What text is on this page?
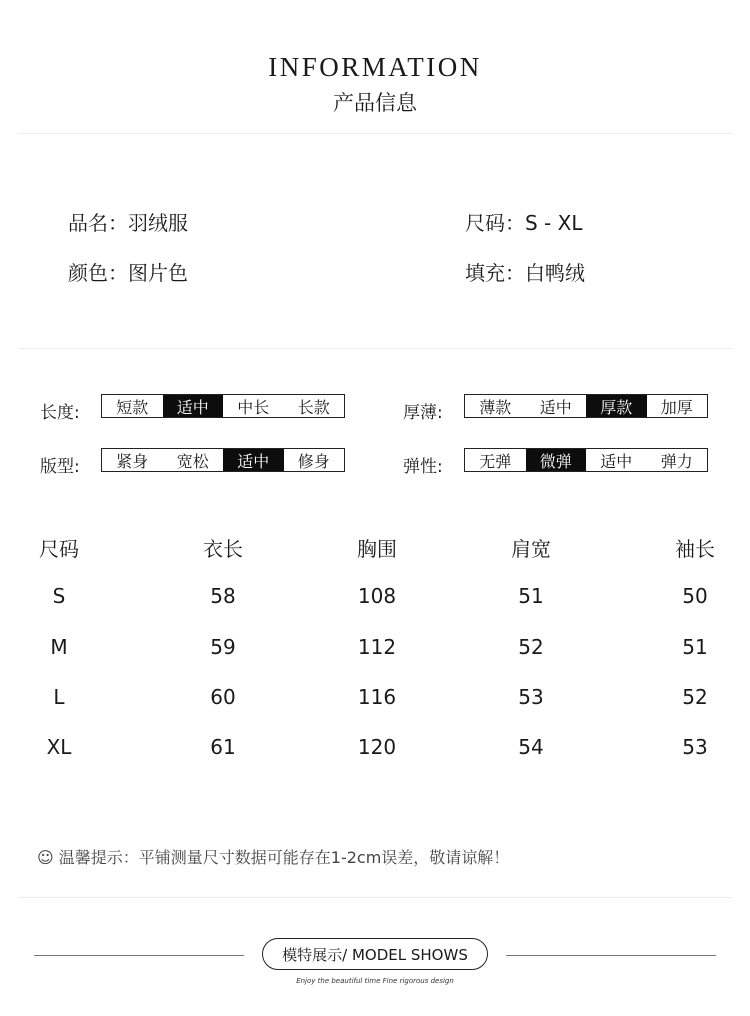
INFORMATION
产品信息
品名：羽绒服	尺码：S - XL
颜色：图片色	填充：白鸭绒
长度:	短款	适中	中长	长款	厚薄:	薄款	适中	厚款	加厚
版型:	紧身	宽松	适中	修身	弹性:	无弹	微弹	适中	弹力
尺码	衣长	胸围	肩宽	袖长
S	58	108	51	50
M	59	112	52	51
L	60	116	53	52
XL	61	120	54	53
☺ 温馨提示：平铺测量尺寸数据可能存在1-2cm误差，敬请谅解！
模特展示/ MODEL SHOWS
Enjoy the beautiful time Fine rigorous design
